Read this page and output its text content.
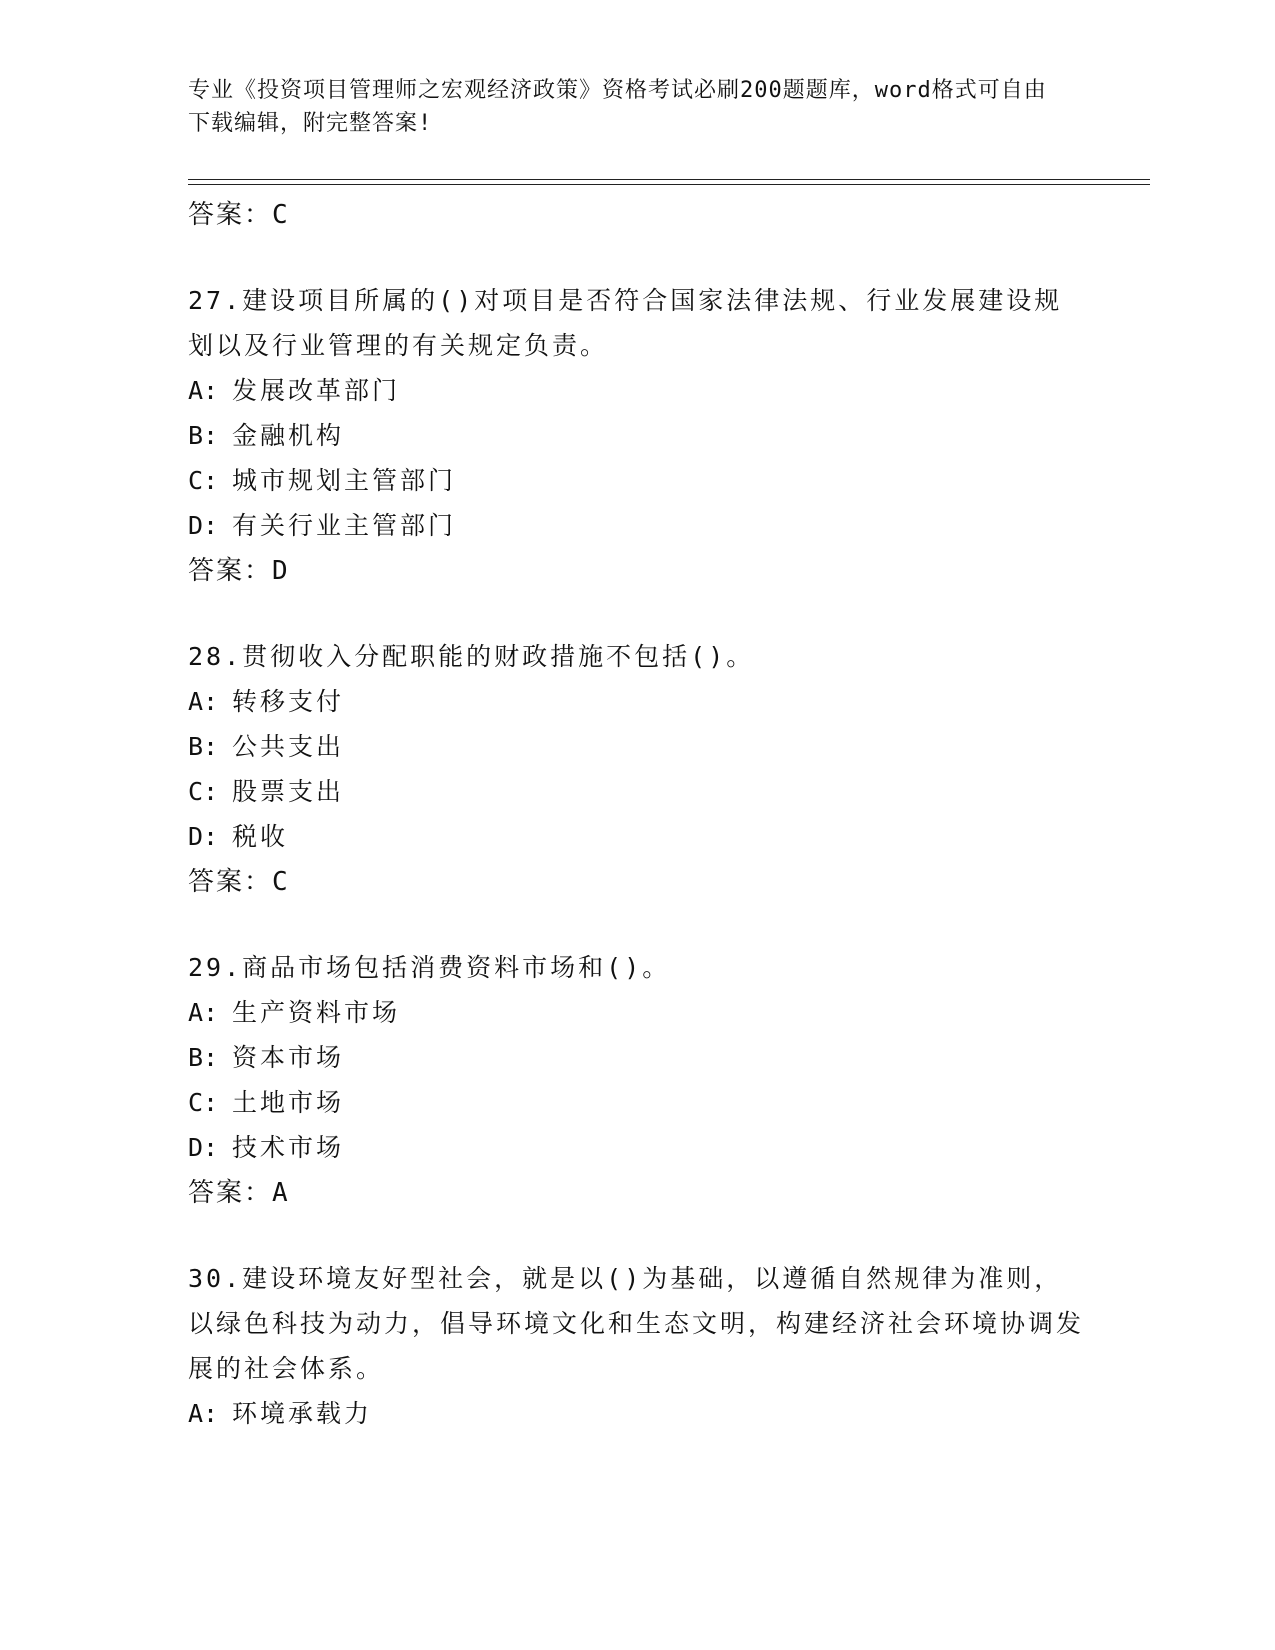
专业《投资项目管理师之宏观经济政策》资格考试必刷200题题库，word格式可自由下载编辑，附完整答案!
答案：C
27.建设项目所属的()对项目是否符合国家法律法规、行业发展建设规划以及行业管理的有关规定负责。
A: 发展改革部门
B: 金融机构
C: 城市规划主管部门
D: 有关行业主管部门
答案：D
28.贯彻收入分配职能的财政措施不包括()。
A: 转移支付
B: 公共支出
C: 股票支出
D: 税收
答案：C
29.商品市场包括消费资料市场和()。
A: 生产资料市场
B: 资本市场
C: 土地市场
D: 技术市场
答案：A
30.建设环境友好型社会，就是以()为基础，以遵循自然规律为准则，以绿色科技为动力，倡导环境文化和生态文明，构建经济社会环境协调发展的社会体系。
A: 环境承载力
